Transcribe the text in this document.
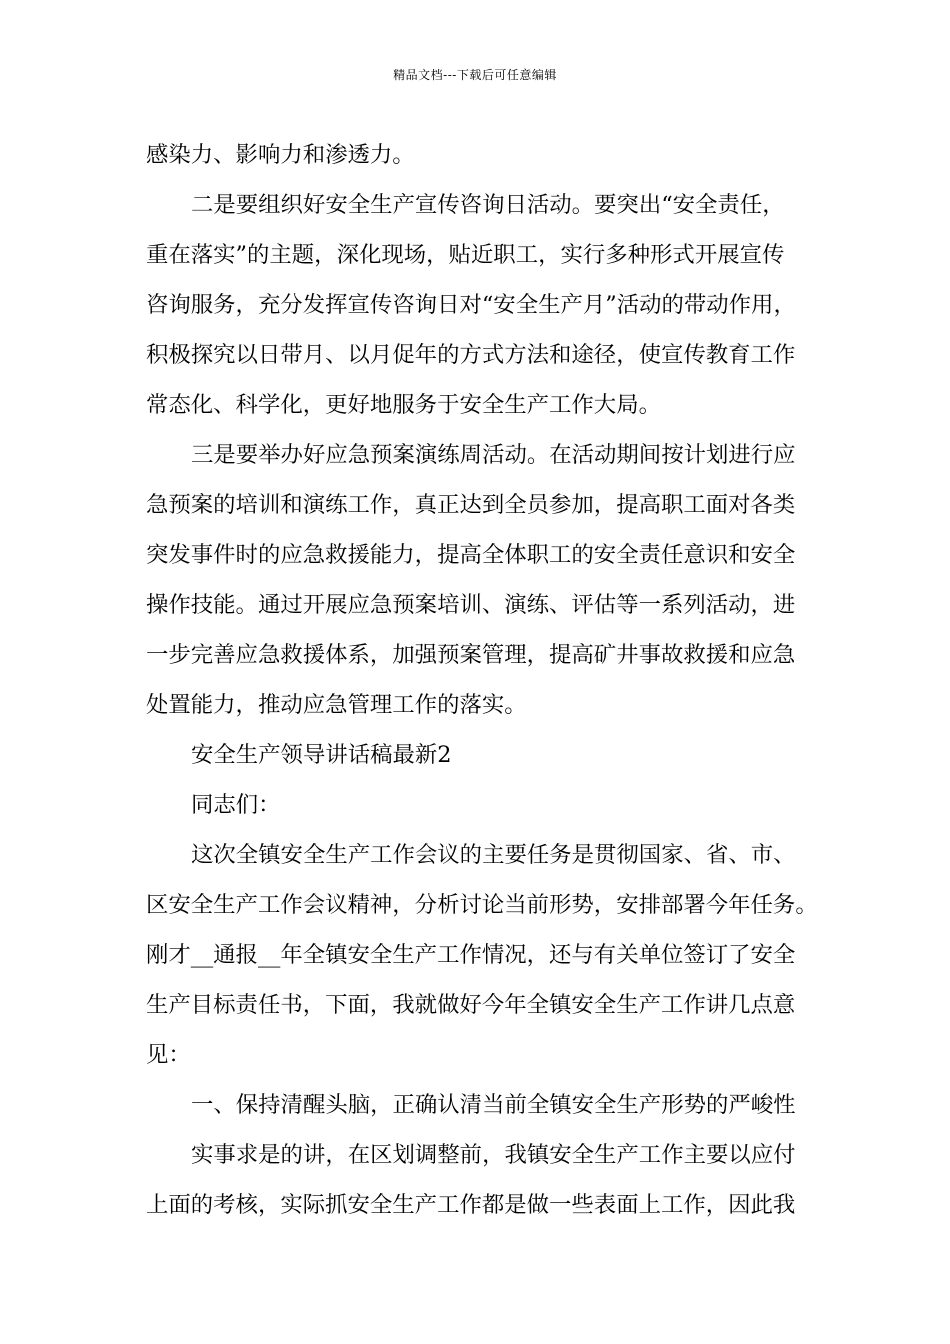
精品文档---下载后可任意编辑
感染力、影响力和渗透力。
二是要组织好安全生产宣传咨询日活动。要突出“安全责任，
重在落实”的主题，深化现场，贴近职工，实行多种形式开展宣传
咨询服务，充分发挥宣传咨询日对“安全生产月”活动的带动作用，
积极探究以日带月、以月促年的方式方法和途径，使宣传教育工作
常态化、科学化，更好地服务于安全生产工作大局。
三是要举办好应急预案演练周活动。在活动期间按计划进行应
急预案的培训和演练工作，真正达到全员参加，提高职工面对各类
突发事件时的应急救援能力，提高全体职工的安全责任意识和安全
操作技能。通过开展应急预案培训、演练、评估等一系列活动，进
一步完善应急救援体系，加强预案管理，提高矿井事故救援和应急
处置能力，推动应急管理工作的落实。
安全生产领导讲话稿最新2
同志们：
这次全镇安全生产工作会议的主要任务是贯彻国家、省、市、
区安全生产工作会议精神，分析讨论当前形势，安排部署今年任务。
刚才__通报__年全镇安全生产工作情况，还与有关单位签订了安全
生产目标责任书，下面，我就做好今年全镇安全生产工作讲几点意
见：
一、保持清醒头脑，正确认清当前全镇安全生产形势的严峻性
实事求是的讲，在区划调整前，我镇安全生产工作主要以应付
上面的考核，实际抓安全生产工作都是做一些表面上工作，因此我
